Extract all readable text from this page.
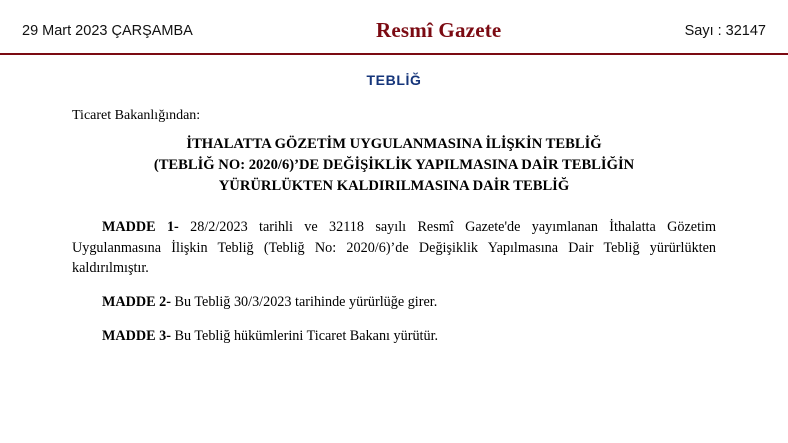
29 Mart 2023 ÇARŞAMBA	Resmî Gazete	Sayı : 32147
TEBLİĞ
Ticaret Bakanlığından:
İTHALATTA GÖZETİM UYGULANMASINA İLİŞKİN TEBLİĞ
(TEBLİĞ NO: 2020/6)’DE DEĞİŞİKLİK YAPILMASINA DAİR TEBLİĞİN
YÜRÜRLÜKTEN KALDIRILMASINA DAİR TEBLİĞ

MADDE 1- 28/2/2023 tarihli ve 32118 sayılı Resmî Gazete'de yayımlanan İthalatta Gözetim Uygulanmasına İlişkin Tebliğ (Tebliğ No: 2020/6)’de Değişiklik Yapılmasına Dair Tebliğ yürürlükten kaldırılmıştır.

MADDE 2- Bu Tebliğ 30/3/2023 tarihinde yürürlüğe girer.

MADDE 3- Bu Tebliğ hükümlerini Ticaret Bakanı yürütür.
